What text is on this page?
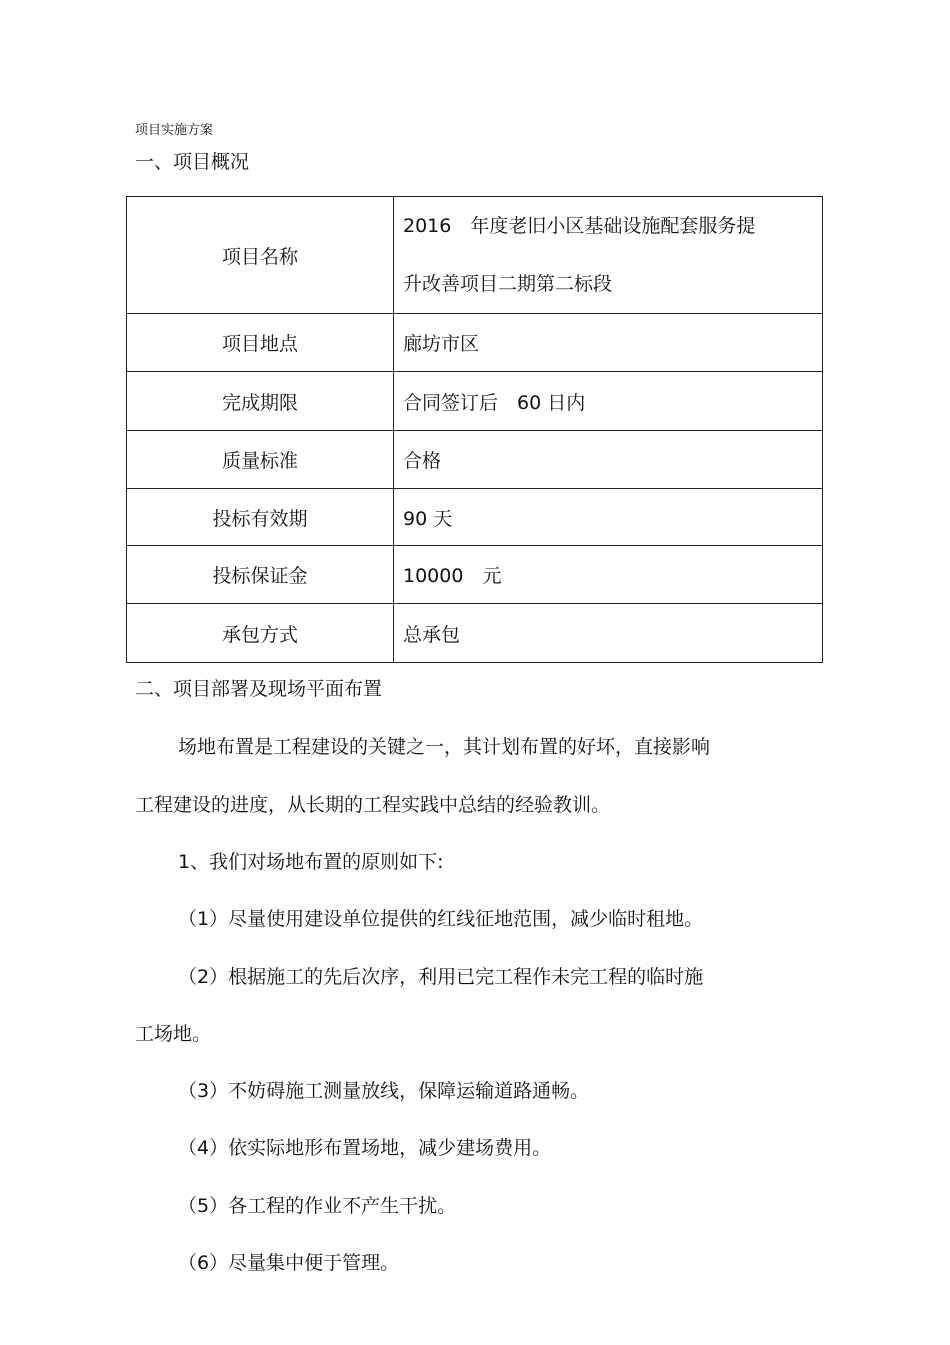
项目实施方案
一、项目概况
项目名称	2016　年度老旧小区基础设施配套服务提
升改善项目二期第二标段

项目地点	廊坊市区
完成期限	合同签订后　60 日内
质量标准	合格
投标有效期	90 天
投标保证金	10000　元
承包方式	总承包
二、项目部署及现场平面布置
场地布置是工程建设的关键之一，其计划布置的好坏，直接影响
工程建设的进度，从长期的工程实践中总结的经验教训。
1、我们对场地布置的原则如下:
（1）尽量使用建设单位提供的红线征地范围，减少临时租地。
（2）根据施工的先后次序，利用已完工程作未完工程的临时施
工场地。
（3）不妨碍施工测量放线，保障运输道路通畅。
（4）依实际地形布置场地，减少建场费用。
（5）各工程的作业不产生干扰。
（6）尽量集中便于管理。
